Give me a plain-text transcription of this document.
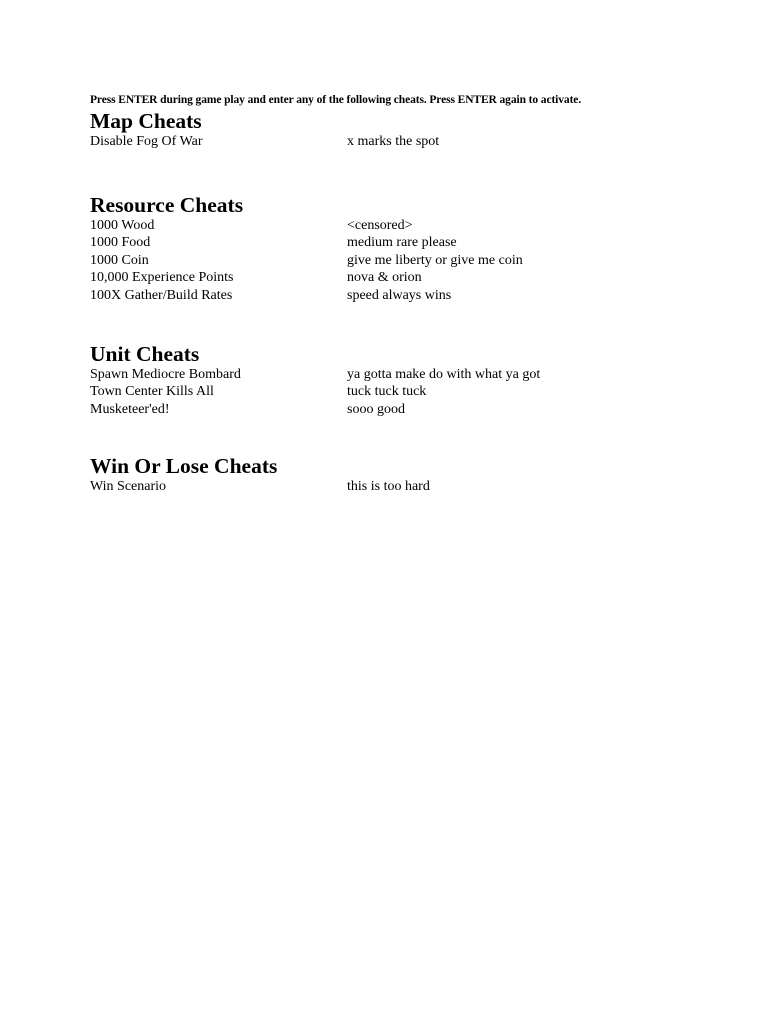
Press ENTER during game play and enter any of the following cheats. Press ENTER again to activate.
Map Cheats
Disable Fog Of War	x marks the spot
Resource Cheats
1000 Wood	<censored>
1000 Food	medium rare please
1000 Coin	give me liberty or give me coin
10,000 Experience Points	nova & orion
100X Gather/Build Rates	speed always wins
Unit Cheats
Spawn Mediocre Bombard	ya gotta make do with what ya got
Town Center Kills All	tuck tuck tuck
Musketeer'ed!	sooo good
Win Or Lose Cheats
Win Scenario	this is too hard
